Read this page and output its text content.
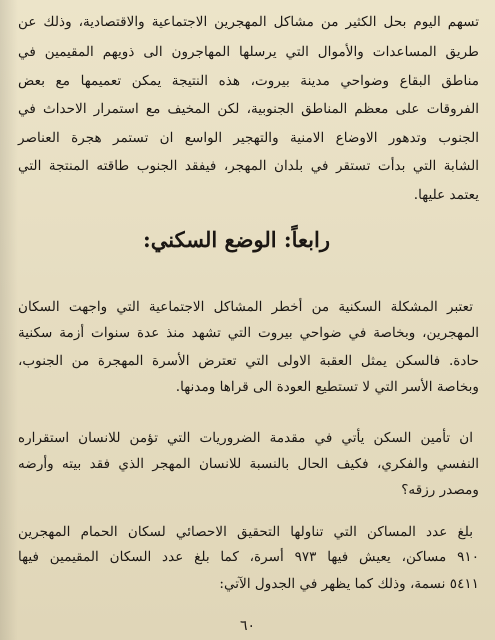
تسهم اليوم بحل الكثير من مشاكل المهجرين الاجتماعية والاقتصادية، وذلك عن
طريق المساعدات والأموال التي يرسلها المهاجرون الى ذويهم المقيمين في
مناطق البقاع وضواحي مدينة بيروت، هذه النتيجة يمكن تعميمها مع بعض
الفروقات على معظم المناطق الجنوبية، لكن المخيف مع استمرار الاحداث في
الجنوب وتدهور الاوضاع الامنية والتهجير الواسع ان تستمر هجرة العناصر
الشابة التي بدأت تستقر في بلدان المهجر، فيفقد الجنوب طاقته المنتجة التي
يعتمد عليها.
رابعاً: الوضع السكني:
تعتبر المشكلة السكنية من أخطر المشاكل الاجتماعية التي واجهت السكان
المهجرين، وبخاصة في ضواحي بيروت التي تشهد منذ عدة سنوات أزمة سكنية
حادة. فالسكن يمثل العقبة الاولى التي تعترض الأسرة المهجرة من الجنوب،
وبخاصة الأسر التي لا تستطيع العودة الى قراها ومدنها.
ان تأمين السكن يأتي في مقدمة الضروريات التي تؤمن للانسان استقراره
النفسي والفكري، فكيف الحال بالنسبة للانسان المهجر الذي فقد بيته وأرضه
ومصدر رزقه؟
بلغ عدد المساكن التي تناولها التحقيق الاحصائي لسكان الحمام المهجرين
٩١٠ مساكن، يعيش فيها ٩٧٣ أسرة، كما بلغ عدد السكان المقيمين فيها
٥٤١١ نسمة، وذلك كما يظهر في الجدول الآتي:
٦٠
